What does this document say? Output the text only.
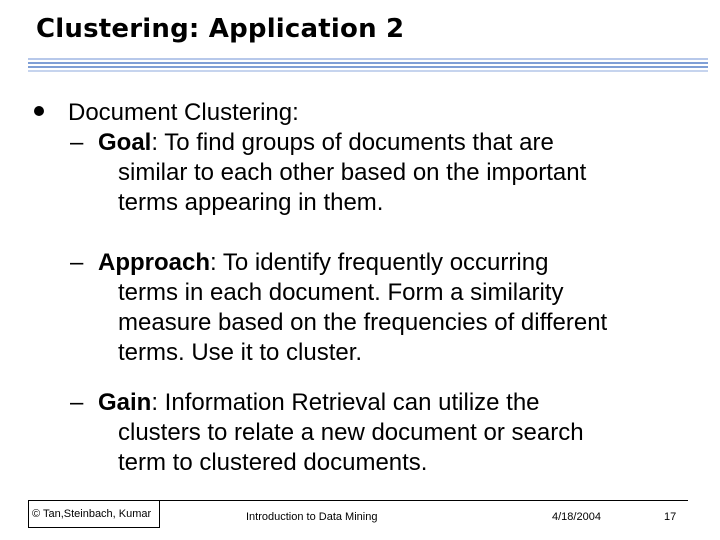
Clustering: Application 2
Document Clustering:
– Goal: To find groups of documents that are
similar to each other based on the important
terms appearing in them.
– Approach: To identify frequently occurring
terms in each document. Form a similarity
measure based on the frequencies of different
terms. Use it to cluster.
– Gain: Information Retrieval can utilize the
clusters to relate a new document or search
term to clustered documents.
© Tan,Steinbach, Kumar	Introduction to Data Mining	4/18/2004	17
